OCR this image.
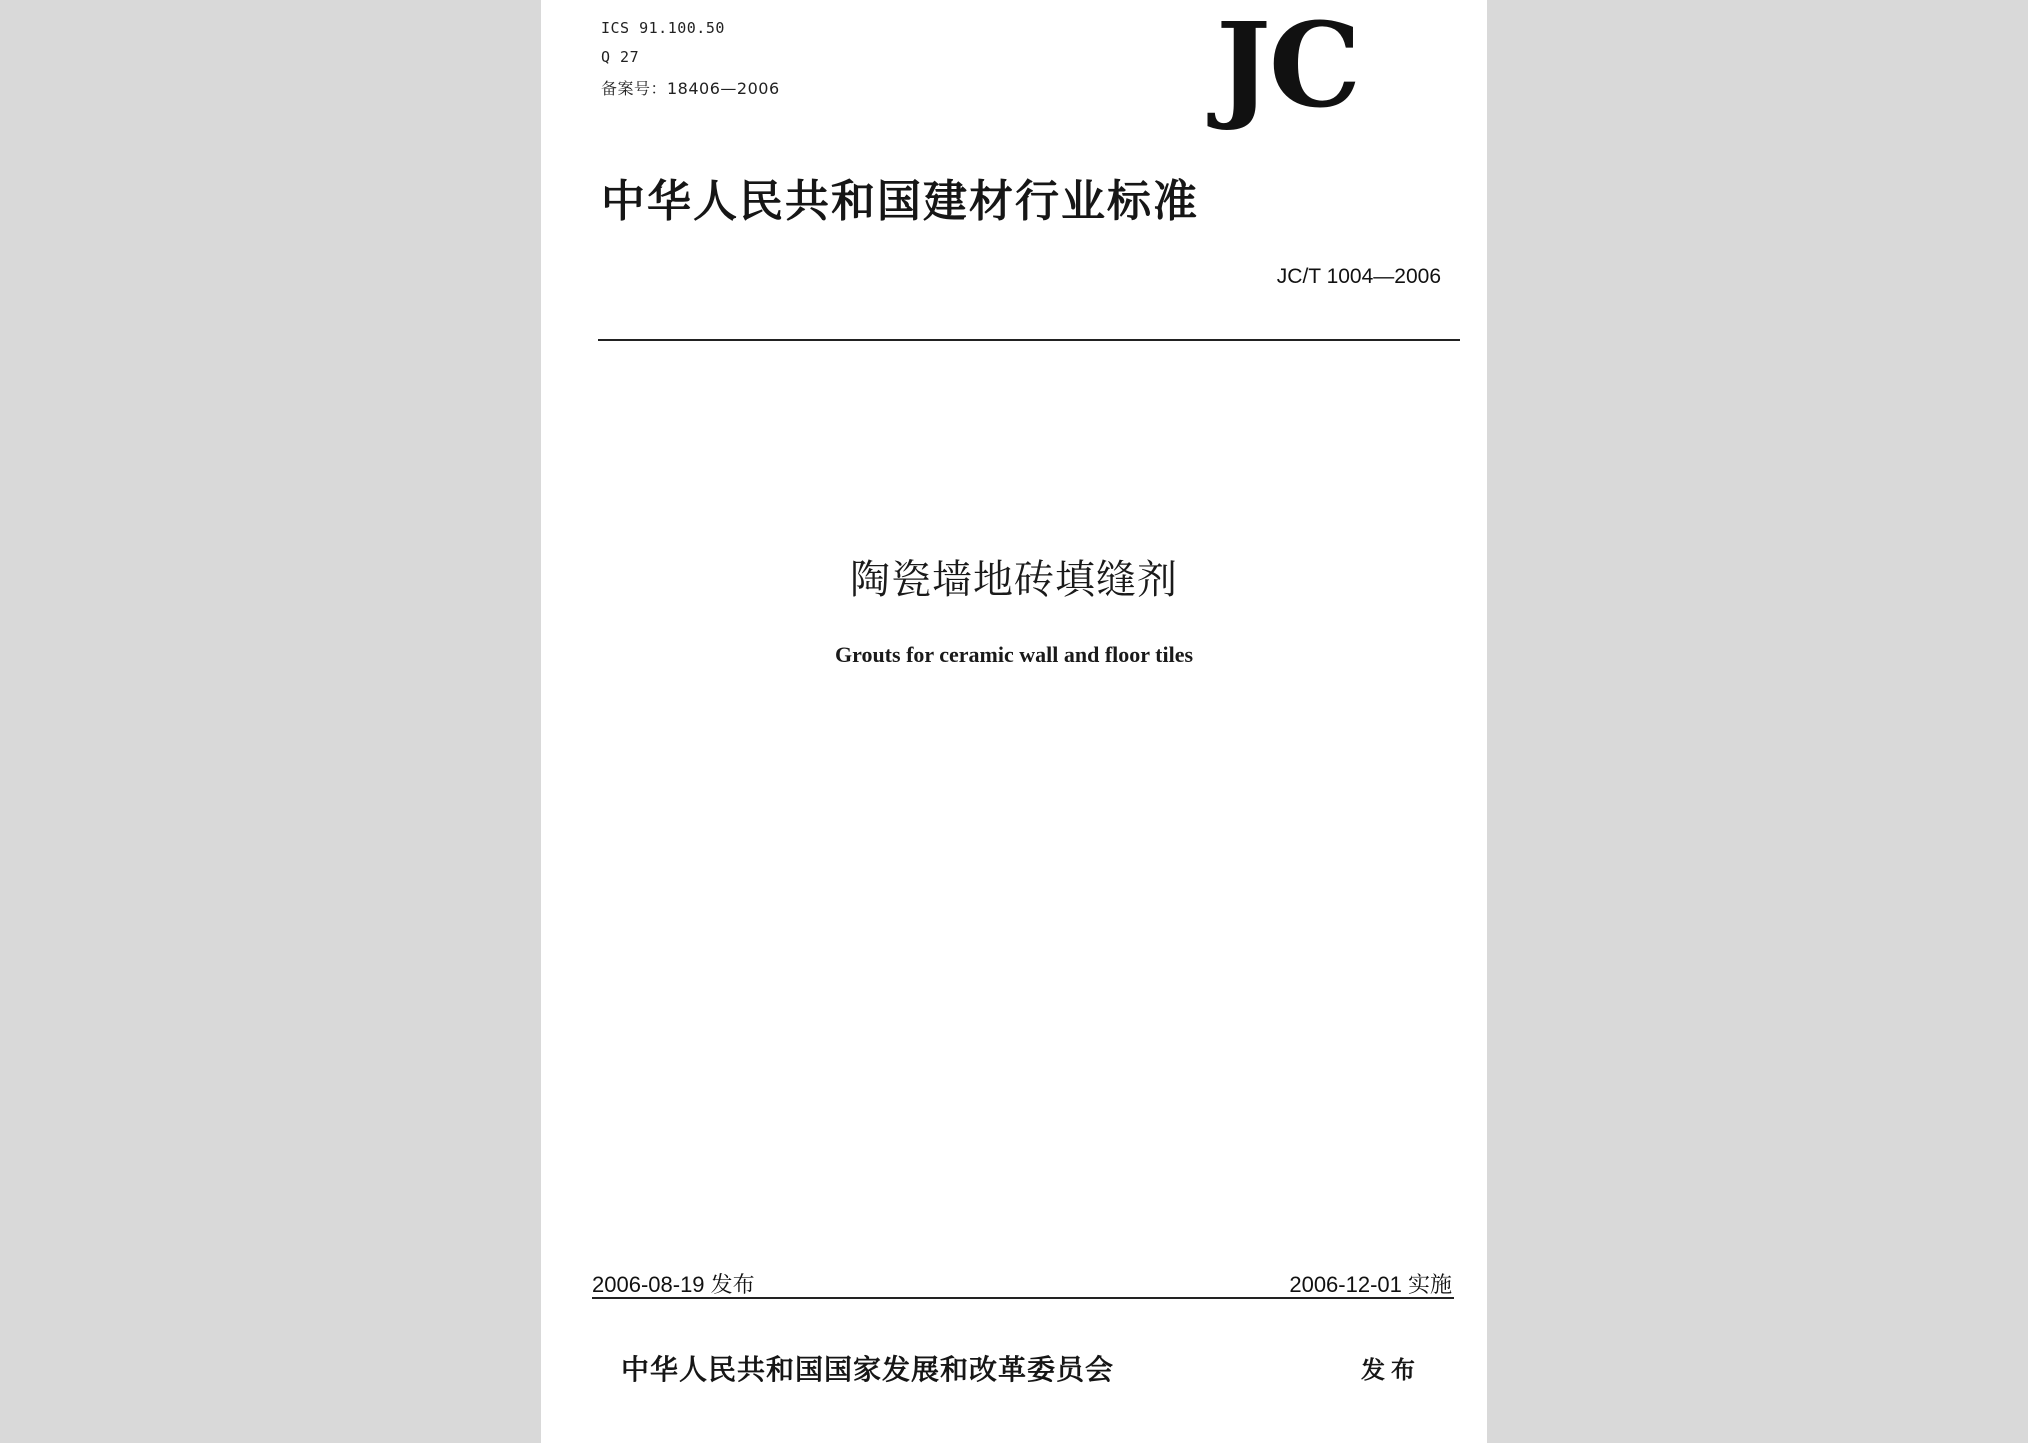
ICS 91.100.50
Q 27
备案号：18406—2006	JC
中华人民共和国建材行业标准
JC/T 1004—2006
陶瓷墙地砖填缝剂
Grouts for ceramic wall and floor tiles
2006-08-19 发布	2006-12-01 实施
中华人民共和国国家发展和改革委员会	发布
